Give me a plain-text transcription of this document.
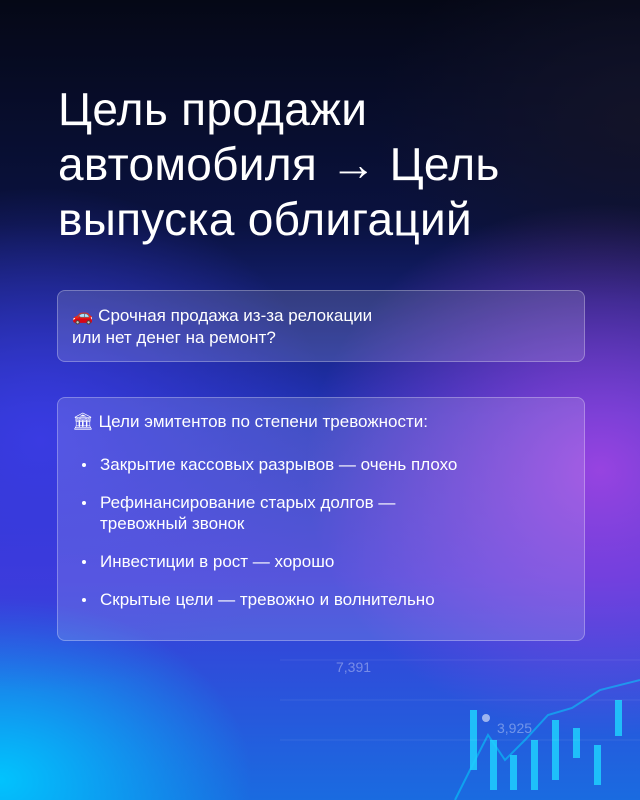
7,391
3,925
Цель продажи автомобиля → Цель выпуска облигаций
🚗 Срочная продажа из-за релокации
или нет денег на ремонт?
🏛 Цели эмитентов по степени тревожности:
Закрытие кассовых разрывов — очень плохо
Рефинансирование старых долгов —
тревожный звонок
Инвестиции в рост — хорошо
Скрытые цели — тревожно и волнительно
